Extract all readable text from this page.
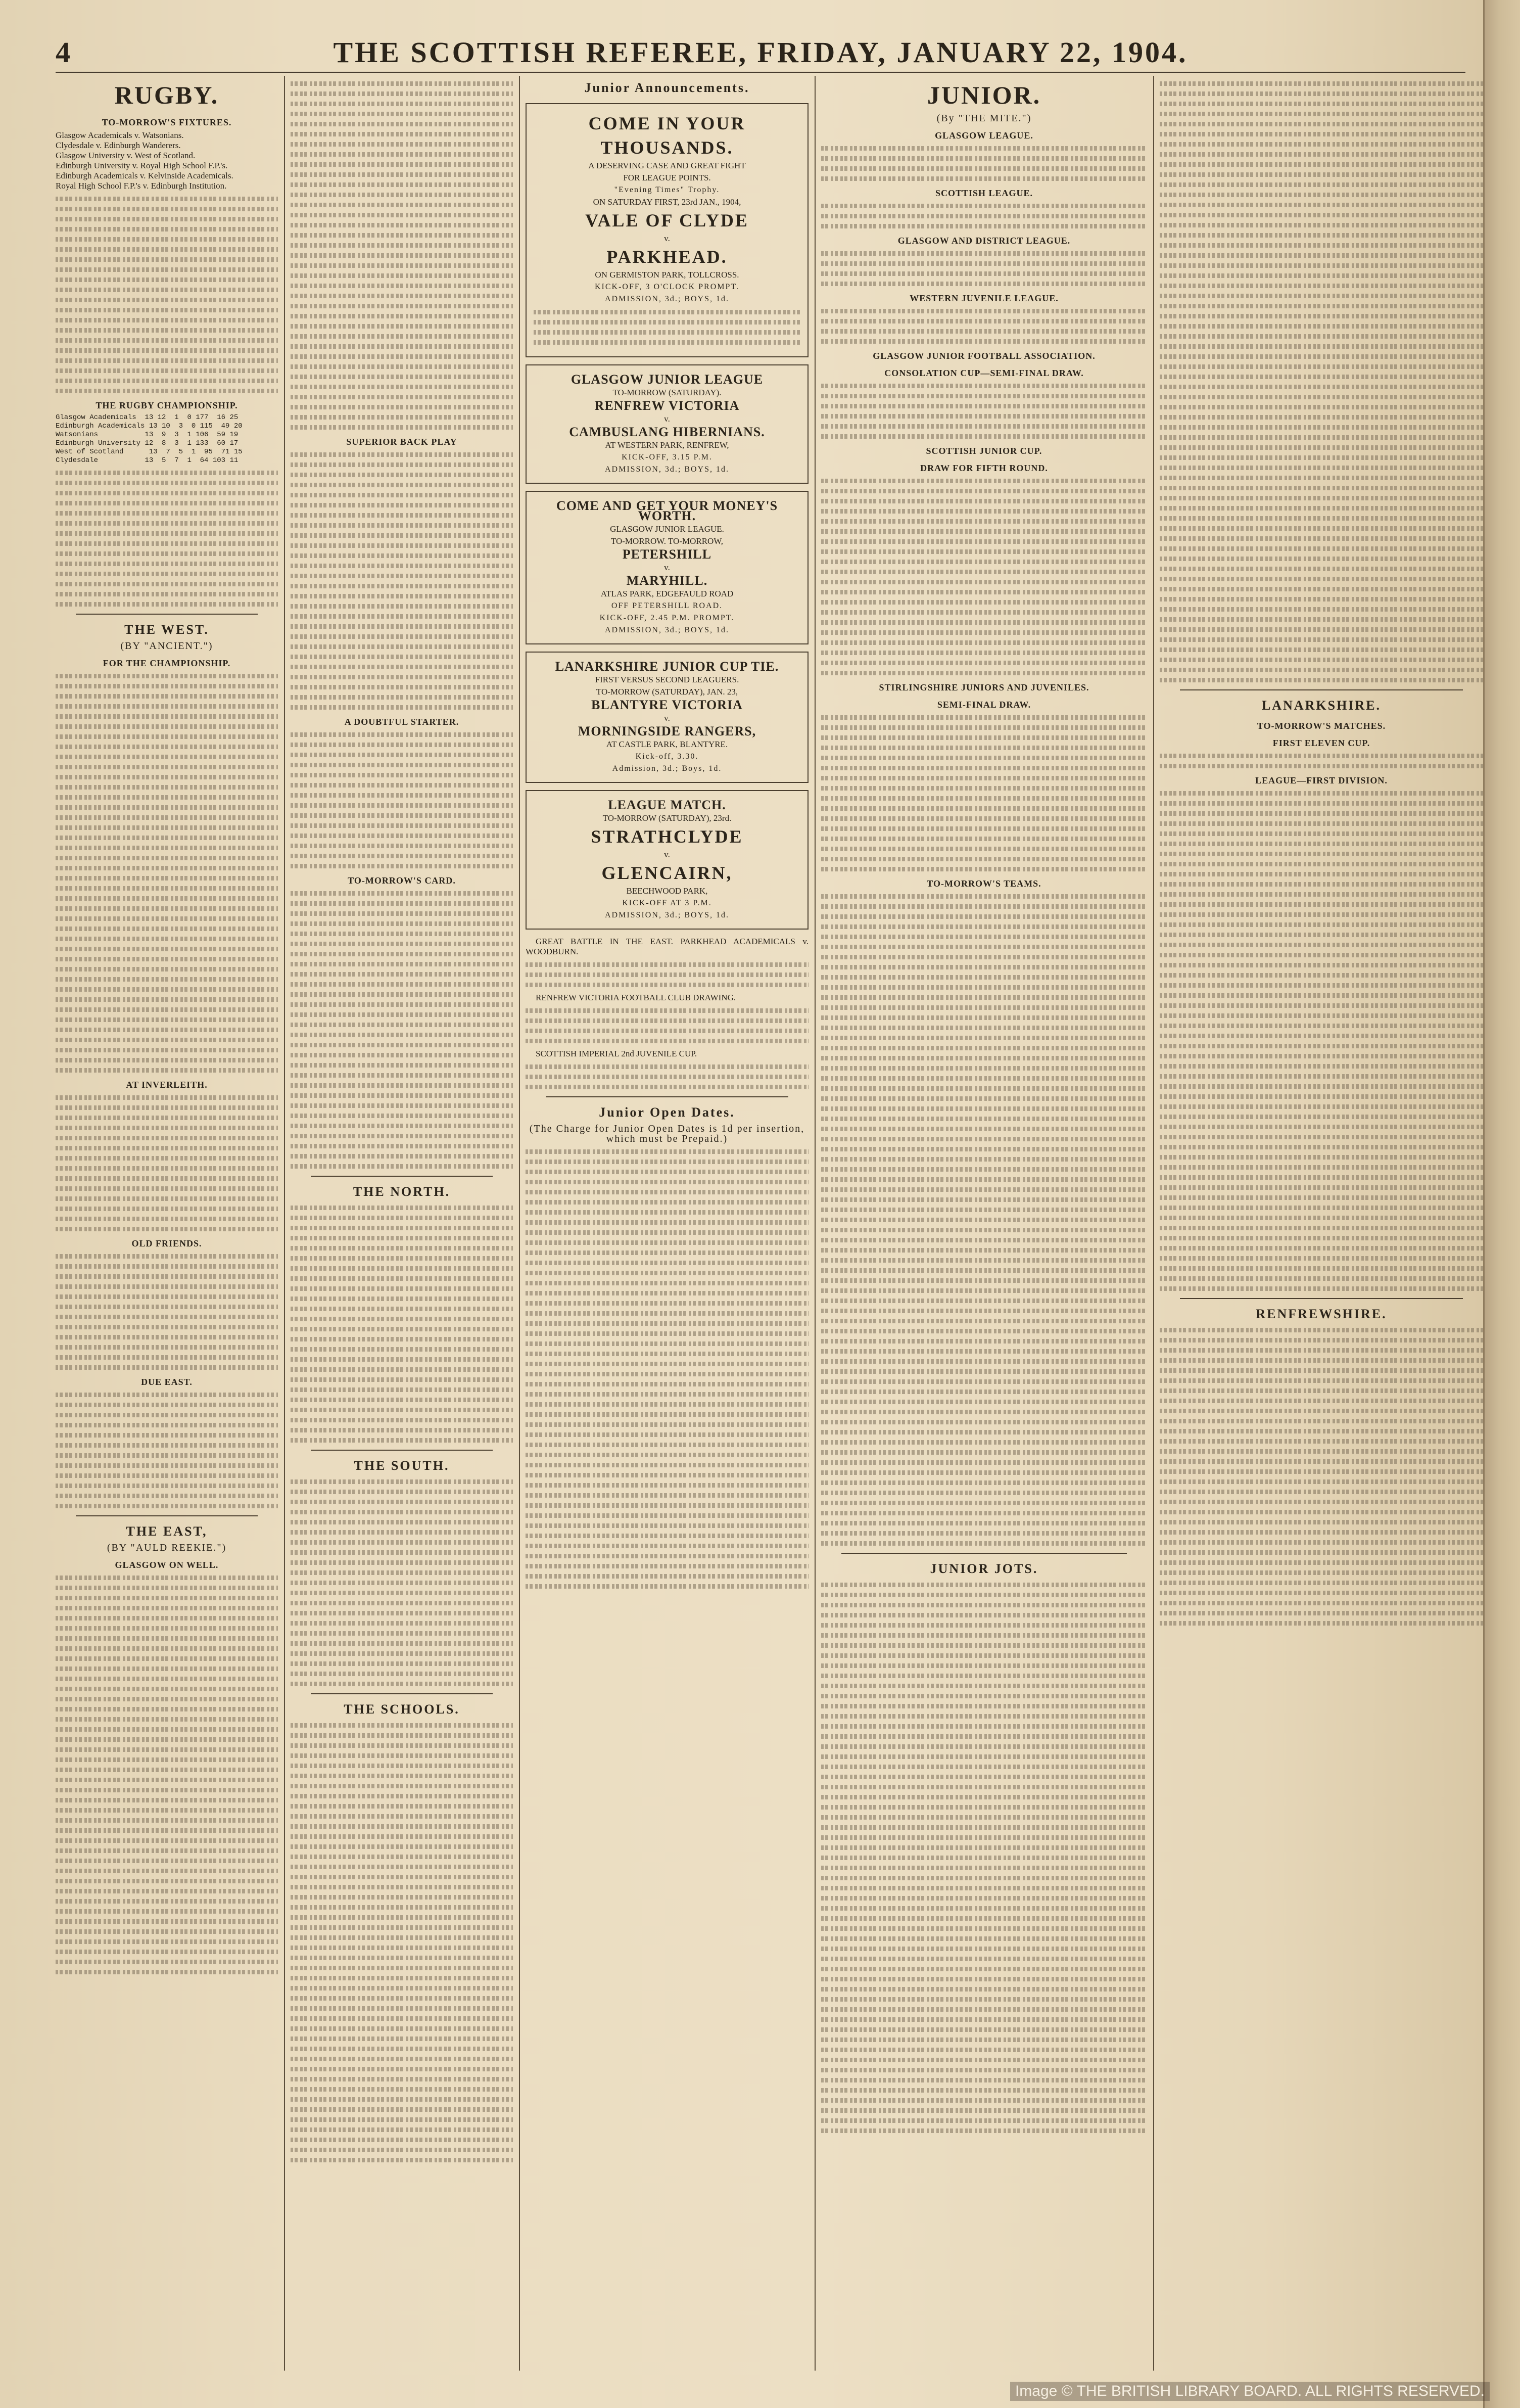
4	THE SCOTTISH REFEREE, FRIDAY, JANUARY 22, 1904.
RUGBY.
TO-MORROW'S FIXTURES.
Glasgow Academicals v. Watsonians.
Clydesdale v. Edinburgh Wanderers.
Glasgow University v. West of Scotland.
Edinburgh University v. Royal High School F.P.'s.
Edinburgh Academicals v. Kelvinside Academicals.
Royal High School F.P.'s v. Edinburgh Institution.
THE RUGBY CHAMPIONSHIP.
Glasgow Academicals  13 12  1  0 177  16 25
Edinburgh Academicals 13 10  3  0 115  49 20
Watsonians           13  9  3  1 106  59 19
Edinburgh University 12  8  3  1 133  60 17
West of Scotland      13  7  5  1  95  71 15
Clydesdale           13  5  7  1  64 103 11
THE WEST.
(BY "ANCIENT.")
FOR THE CHAMPIONSHIP.
AT INVERLEITH.
OLD FRIENDS.
DUE EAST.
THE EAST,
(BY "AULD REEKIE.")
GLASGOW ON WELL.
SUPERIOR BACK PLAY
A DOUBTFUL STARTER.
TO-MORROW'S CARD.
THE NORTH.
THE SOUTH.
THE SCHOOLS.
Junior Announcements.
COME IN YOUR
THOUSANDS.
A DESERVING CASE AND GREAT FIGHT
FOR LEAGUE POINTS.
"Evening Times" Trophy.
ON SATURDAY FIRST, 23rd JAN., 1904,
VALE OF CLYDE
v.
PARKHEAD.
ON GERMISTON PARK, TOLLCROSS.
KICK-OFF, 3 O'CLOCK PROMPT.
ADMISSION, 3d.; BOYS, 1d.
GLASGOW JUNIOR LEAGUE
TO-MORROW (SATURDAY).
RENFREW VICTORIA
v.
CAMBUSLANG HIBERNIANS.
AT WESTERN PARK, RENFREW,
KICK-OFF, 3.15 P.M.
ADMISSION, 3d.; BOYS, 1d.
COME AND GET YOUR MONEY'S WORTH.
GLASGOW JUNIOR LEAGUE.
TO-MORROW. TO-MORROW,
PETERSHILL
v.
MARYHILL.
ATLAS PARK, EDGEFAULD ROAD
OFF PETERSHILL ROAD.
KICK-OFF, 2.45 P.M. PROMPT.
ADMISSION, 3d.; BOYS, 1d.
LANARKSHIRE JUNIOR CUP TIE.
FIRST VERSUS SECOND LEAGUERS.
TO-MORROW (SATURDAY), JAN. 23,
BLANTYRE VICTORIA
v.
MORNINGSIDE RANGERS,
AT CASTLE PARK, BLANTYRE.
Kick-off, 3.30.
Admission, 3d.; Boys, 1d.
LEAGUE MATCH.
TO-MORROW (SATURDAY), 23rd.
STRATHCLYDE
v.
GLENCAIRN,
BEECHWOOD PARK,
KICK-OFF AT 3 P.M.
ADMISSION, 3d.; BOYS, 1d.
GREAT BATTLE IN THE EAST. PARKHEAD ACADEMICALS v. WOODBURN.
RENFREW VICTORIA FOOTBALL CLUB DRAWING.
SCOTTISH IMPERIAL 2nd JUVENILE CUP.
Junior Open Dates.
(The Charge for Junior Open Dates is 1d per insertion, which must be Prepaid.)
JUNIOR.
(By "THE MITE.")
GLASGOW LEAGUE.
SCOTTISH LEAGUE.
GLASGOW AND DISTRICT LEAGUE.
WESTERN JUVENILE LEAGUE.
GLASGOW JUNIOR FOOTBALL ASSOCIATION.
CONSOLATION CUP—SEMI-FINAL DRAW.
SCOTTISH JUNIOR CUP.
DRAW FOR FIFTH ROUND.
STIRLINGSHIRE JUNIORS AND JUVENILES.
SEMI-FINAL DRAW.
TO-MORROW'S TEAMS.
JUNIOR JOTS.
LANARKSHIRE.
TO-MORROW'S MATCHES.
FIRST ELEVEN CUP.
LEAGUE—FIRST DIVISION.
RENFREWSHIRE.
Image © THE BRITISH LIBRARY BOARD. ALL RIGHTS RESERVED.
